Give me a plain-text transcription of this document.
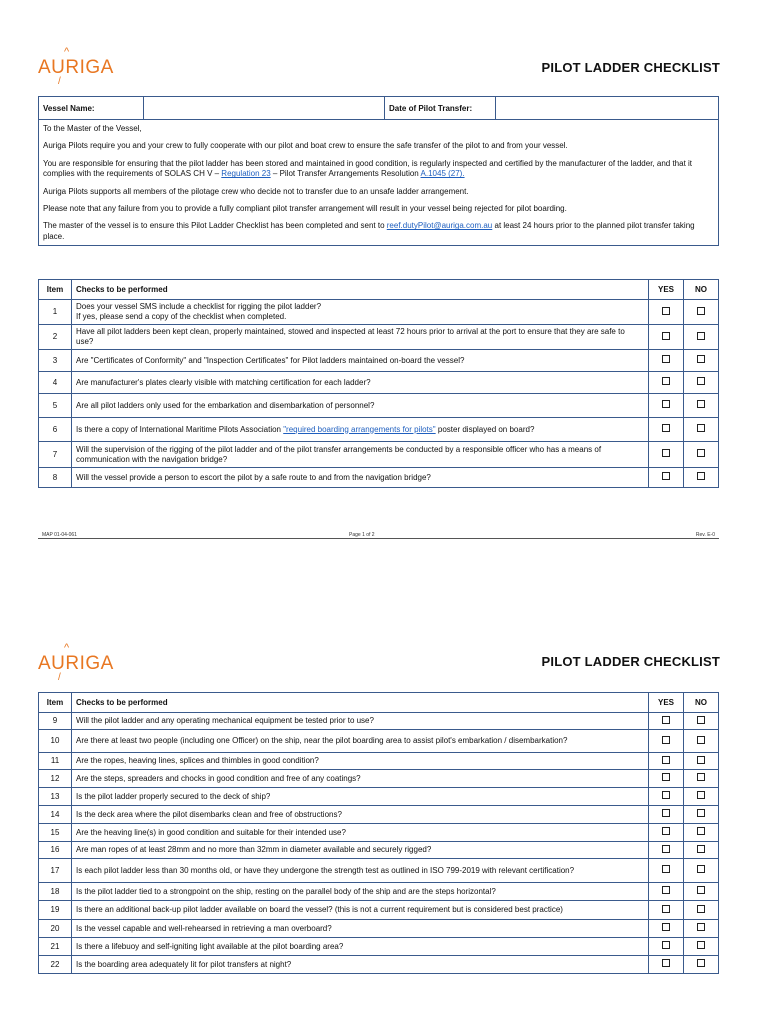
^
AURIGA
/
PILOT LADDER CHECKLIST
Vessel Name:	Date of Pilot Transfer:

To the Master of the Vessel,

Auriga Pilots require you and your crew to fully cooperate with our pilot and boat crew to ensure the safe transfer of the pilot to and from your vessel.

You are responsible for ensuring that the pilot ladder has been stored and maintained in good condition, is regularly inspected and certified by the manufacturer of the ladder, and that it complies with the requirements of SOLAS CH V – Regulation 23 – Pilot Transfer Arrangements Resolution A.1045 (27).

Auriga Pilots supports all members of the pilotage crew who decide not to transfer due to an unsafe ladder arrangement.

Please note that any failure from you to provide a fully compliant pilot transfer arrangement will result in your vessel being rejected for pilot boarding.

The master of the vessel is to ensure this Pilot Ladder Checklist has been completed and sent to reef.dutyPilot@auriga.com.au at least 24 hours prior to the planned pilot transfer taking place.

Item	Checks to be performed	YES	NO
1	Does your vessel SMS include a checklist for rigging the pilot ladder?
If yes, please send a copy of the checklist when completed.		
2	Have all pilot ladders been kept clean, properly maintained, stowed and inspected at least 72 hours prior to arrival at the port to ensure that they are safe to use?		
3	Are "Certificates of Conformity" and "Inspection Certificates" for Pilot ladders maintained on-board the vessel?		
4	Are manufacturer's plates clearly visible with matching certification for each ladder?		
5	Are all pilot ladders only used for the embarkation and disembarkation of personnel?		
6	Is there a copy of International Maritime Pilots Association "required boarding arrangements for pilots" poster displayed on board?		
7	Will the supervision of the rigging of the pilot ladder and of the pilot transfer arrangements be conducted by a responsible officer who has a means of communication with the navigation bridge?		
8	Will the vessel provide a person to escort the pilot by a safe route to and from the navigation bridge?		
MAP 01-04-061	Page 1 of 2	Rev. E-0
^
AURIGA
/
PILOT LADDER CHECKLIST
Item	Checks to be performed	YES	NO
9	Will the pilot ladder and any operating mechanical equipment be tested prior to use?		
10	Are there at least two people (including one Officer) on the ship, near the pilot boarding area to assist pilot's embarkation / disembarkation?		
11	Are the ropes, heaving lines, splices and thimbles in good condition?		
12	Are the steps, spreaders and chocks in good condition and free of any coatings?		
13	Is the pilot ladder properly secured to the deck of ship?		
14	Is the deck area where the pilot disembarks clean and free of obstructions?		
15	Are the heaving line(s) in good condition and suitable for their intended use?		
16	Are man ropes of at least 28mm and no more than 32mm in diameter available and securely rigged?		
17	Is each pilot ladder less than 30 months old, or have they undergone the strength test as outlined in ISO 799-2019 with relevant certification?		
18	Is the pilot ladder tied to a strongpoint on the ship, resting on the parallel body of the ship and are the steps horizontal?		
19	Is there an additional back-up pilot ladder available on board the vessel? (this is not a current requirement but is considered best practice)		
20	Is the vessel capable and well-rehearsed in retrieving a man overboard?		
21	Is there a lifebuoy and self-igniting light available at the pilot boarding area?		
22	Is the boarding area adequately lit for pilot transfers at night?		
